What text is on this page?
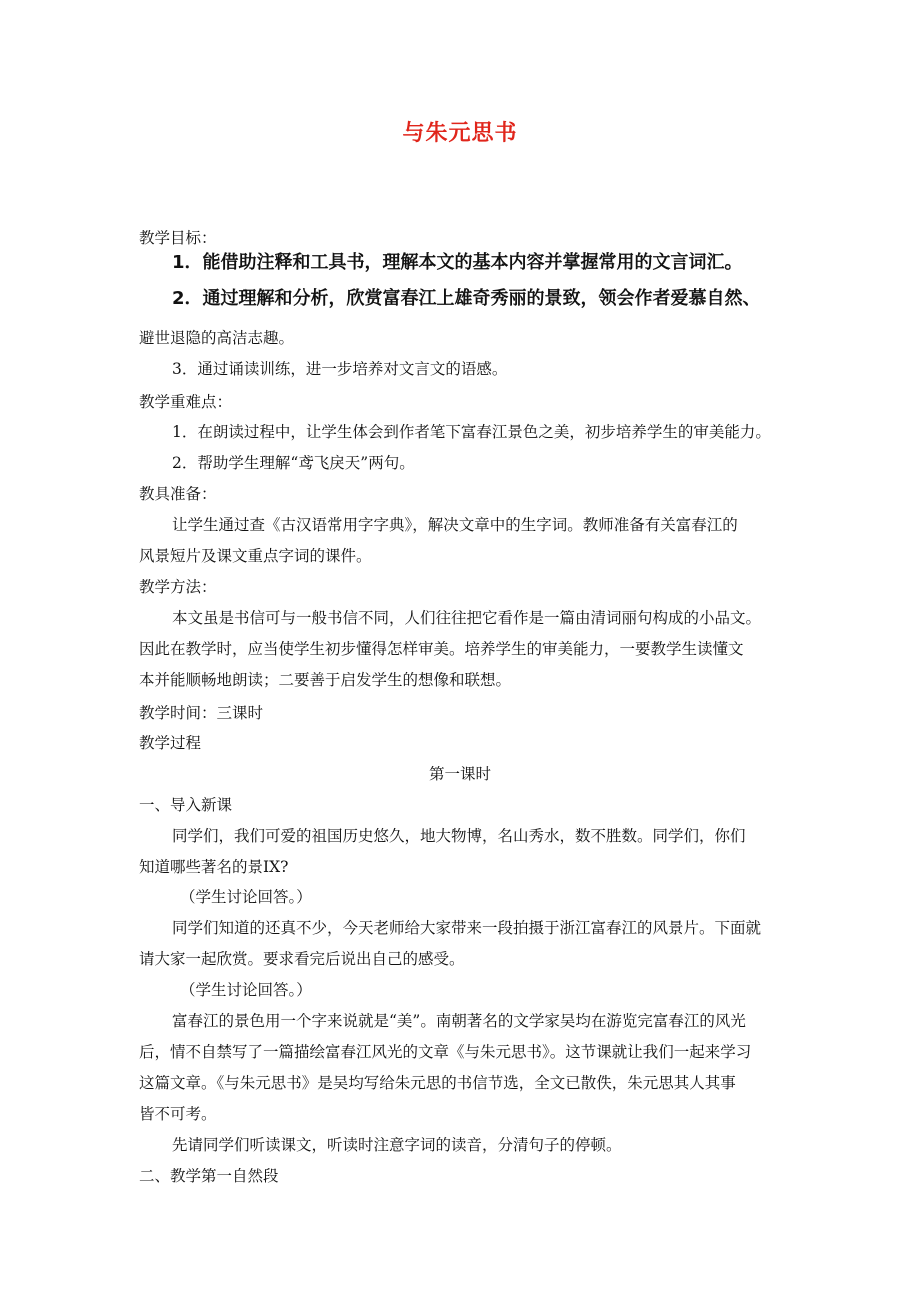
与朱元思书
教学目标：
1．能借助注释和工具书，理解本文的基本内容并掌握常用的文言词汇。
2．通过理解和分析，欣赏富春江上雄奇秀丽的景致，领会作者爱慕自然、
避世退隐的高洁志趣。
3．通过诵读训练，进一步培养对文言文的语感。
教学重难点：
1．在朗读过程中，让学生体会到作者笔下富春江景色之美，初步培养学生的审美能力。
2．帮助学生理解“鸢飞戾天”两句。
教具准备：
让学生通过查《古汉语常用字字典》，解决文章中的生字词。教师准备有关富春江的
风景短片及课文重点字词的课件。
教学方法：
本文虽是书信可与一般书信不同，人们往往把它看作是一篇由清词丽句构成的小品文。
因此在教学时，应当使学生初步懂得怎样审美。培养学生的审美能力，一要教学生读懂文
本并能顺畅地朗读；二要善于启发学生的想像和联想。
教学时间：三课时
教学过程
第一课时
一、导入新课
同学们，我们可爱的祖国历史悠久，地大物博，名山秀水，数不胜数。同学们，你们
知道哪些著名的景IX?
（学生讨论回答。）
同学们知道的还真不少，今天老师给大家带来一段拍摄于浙江富春江的风景片。下面就
请大家一起欣赏。要求看完后说出自己的感受。
（学生讨论回答。）
富春江的景色用一个字来说就是“美”。南朝著名的文学家吴均在游览完富春江的风光
后，情不自禁写了一篇描绘富春江风光的文章《与朱元思书》。这节课就让我们一起来学习
这篇文章。《与朱元思书》是吴均写给朱元思的书信节选，全文已散佚，朱元思其人其事
皆不可考。
先请同学们听读课文，听读时注意字词的读音，分清句子的停顿。
二、教学第一自然段
